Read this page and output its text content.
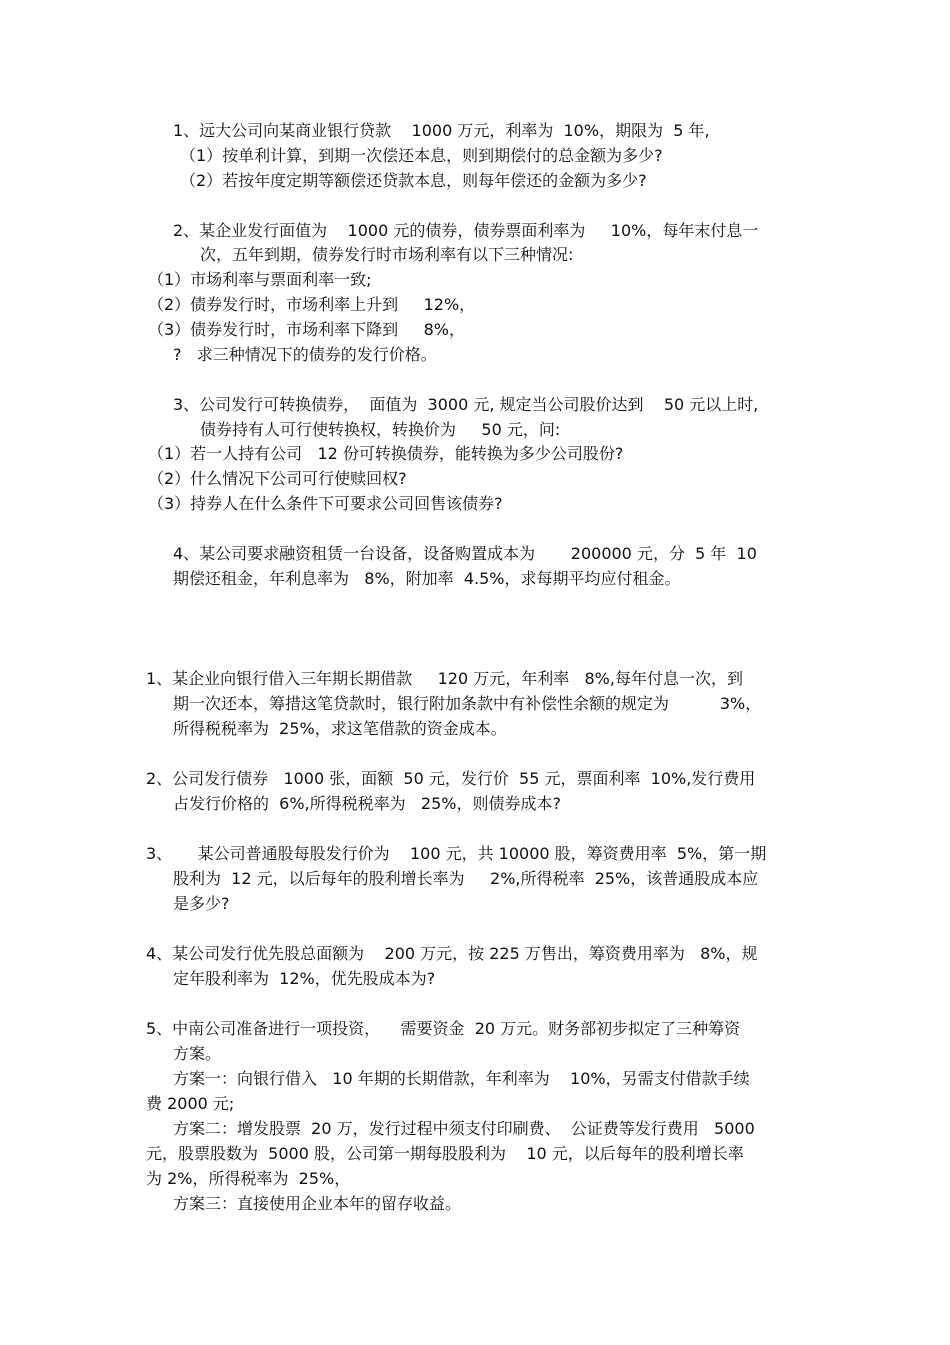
1、远大公司向某商业银行贷款    1000 万元，利率为  10%，期限为  5 年,
（1）按单利计算，到期一次偿还本息，则到期偿付的总金额为多少?
（2）若按年度定期等额偿还贷款本息，则每年偿还的金额为多少?
2、某企业发行面值为    1000 元的债券，债券票面利率为     10%，每年末付息一
次，五年到期，债券发行时市场利率有以下三种情况:
（1）市场利率与票面利率一致;
（2）债券发行时，市场利率上升到     12%，
（3）债券发行时，市场利率下降到     8%，
?   求三种情况下的债券的发行价格。
3、公司发行可转换债券，  面值为  3000 元, 规定当公司股价达到    50 元以上时,
债券持有人可行使转换权，转换价为     50 元，问:
（1）若一人持有公司   12 份可转换债券，能转换为多少公司股份?
（2）什么情况下公司可行使赎回权?
（3）持券人在什么条件下可要求公司回售该债券?
4、某公司要求融资租赁一台设备，设备购置成本为       200000 元，分  5 年  10
期偿还租金，年利息率为   8%，附加率  4.5%，求每期平均应付租金。
1、某企业向银行借入三年期长期借款     120 万元，年利率   8%,每年付息一次，到
期一次还本，筹措这笔贷款时，银行附加条款中有补偿性余额的规定为          3%，
所得税税率为  25%，求这笔借款的资金成本。
2、公司发行债券   1000 张，面额  50 元，发行价  55 元，票面利率  10%,发行费用
占发行价格的  6%,所得税税率为   25%，则债券成本?
3、     某公司普通股每股发行价为    100 元，共 10000 股，筹资费用率  5%，第一期
股利为  12 元，以后每年的股利增长率为     2%,所得税率  25%，该普通股成本应
是多少?
4、某公司发行优先股总面额为    200 万元，按 225 万售出，筹资费用率为   8%，规
定年股利率为  12%，优先股成本为?
5、中南公司准备进行一项投资，    需要资金  20 万元。财务部初步拟定了三种筹资
方案。
方案一：向银行借入   10 年期的长期借款，年利率为    10%，另需支付借款手续
费 2000 元;
方案二：增发股票  20 万，发行过程中须支付印刷费、  公证费等发行费用   5000
元，股票股数为  5000 股，公司第一期每股股利为    10 元，以后每年的股利增长率
为 2%，所得税率为  25%，
方案三：直接使用企业本年的留存收益。
